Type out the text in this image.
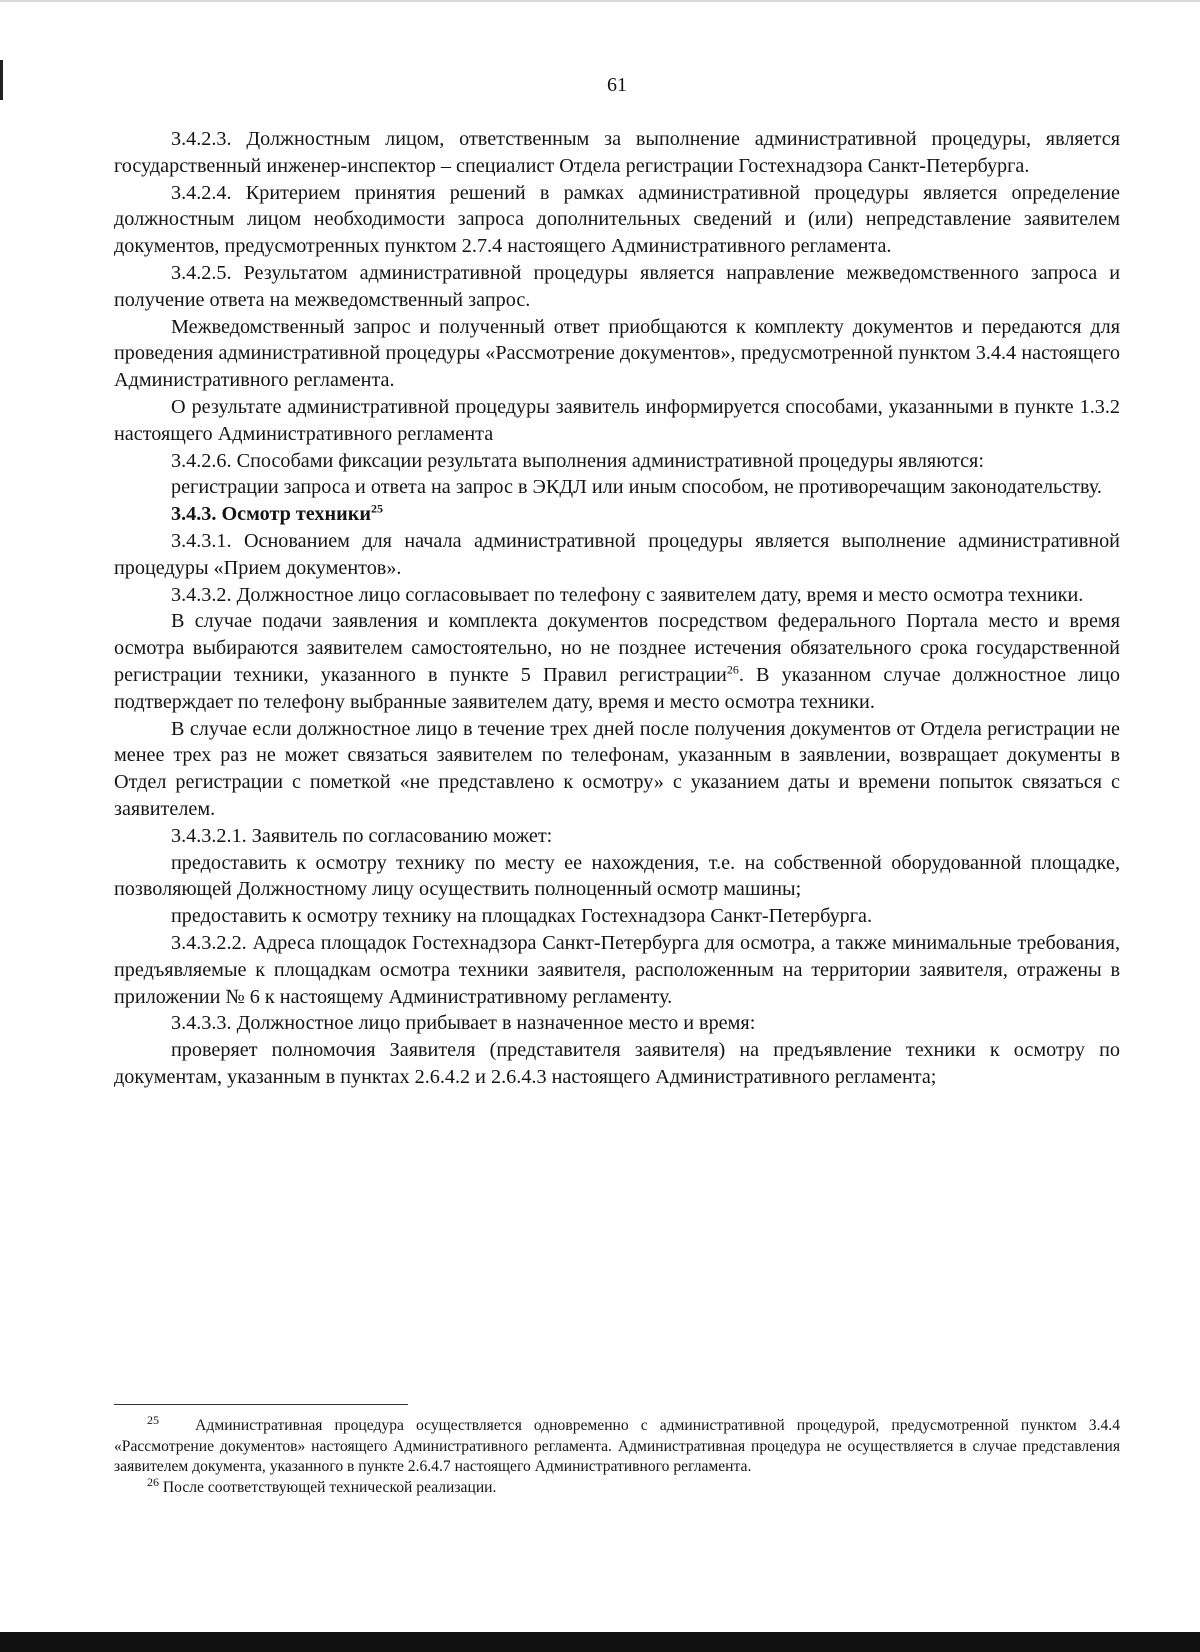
61

3.4.2.3. Должностным лицом, ответственным за выполнение административной процедуры, является государственный инженер-инспектор – специалист Отдела регистрации Гостехнадзора Санкт-Петербурга.

3.4.2.4. Критерием принятия решений в рамках административной процедуры является определение должностным лицом необходимости запроса дополнительных сведений и (или) непредставление заявителем документов, предусмотренных пунктом 2.7.4 настоящего Административного регламента.

3.4.2.5. Результатом административной процедуры является направление межведомственного запроса и получение ответа на межведомственный запрос.

Межведомственный запрос и полученный ответ приобщаются к комплекту документов и передаются для проведения административной процедуры «Рассмотрение документов», предусмотренной пунктом 3.4.4 настоящего Административного регламента.

О результате административной процедуры заявитель информируется способами, указанными в пункте 1.3.2 настоящего Административного регламента

3.4.2.6. Способами фиксации результата выполнения административной процедуры являются:

регистрации запроса и ответа на запрос в ЭКДЛ или иным способом, не противоречащим законодательству.

3.4.3. Осмотр техники$^{25}$

3.4.3.1. Основанием для начала административной процедуры является выполнение административной процедуры «Прием документов».

3.4.3.2. Должностное лицо согласовывает по телефону с заявителем дату, время и место осмотра техники.

В случае подачи заявления и комплекта документов посредством федерального Портала место и время осмотра выбираются заявителем самостоятельно, но не позднее истечения обязательного срока государственной регистрации техники, указанного в пункте 5 Правил регистрации$^{26}$. В указанном случае должностное лицо подтверждает по телефону выбранные заявителем дату, время и место осмотра техники.

В случае если должностное лицо в течение трех дней после получения документов от Отдела регистрации не менее трех раз не может связаться заявителем по телефонам, указанным в заявлении, возвращает документы в Отдел регистрации с пометкой «не представлено к осмотру» с указанием даты и времени попыток связаться с заявителем.

3.4.3.2.1. Заявитель по согласованию может:

предоставить к осмотру технику по месту ее нахождения, т.е. на собственной оборудованной площадке, позволяющей Должностному лицу осуществить полноценный осмотр машины;

предоставить к осмотру технику на площадках Гостехнадзора Санкт-Петербурга.

3.4.3.2.2. Адреса площадок Гостехнадзора Санкт-Петербурга для осмотра, а также минимальные требования, предъявляемые к площадкам осмотра техники заявителя, расположенным на территории заявителя, отражены в приложении № 6 к настоящему Административному регламенту.

3.4.3.3. Должностное лицо прибывает в назначенное место и время:

проверяет полномочия Заявителя (представителя заявителя) на предъявление техники к осмотру по документам, указанным в пунктах 2.6.4.2 и 2.6.4.3 настоящего Административного регламента;

$^{25}$ Административная процедура осуществляется одновременно с административной процедурой, предусмотренной пунктом 3.4.4 «Рассмотрение документов» настоящего Административного регламента. Административная процедура не осуществляется в случае представления заявителем документа, указанного в пункте 2.6.4.7 настоящего Административного регламента.

$^{26}$ После соответствующей технической реализации.
